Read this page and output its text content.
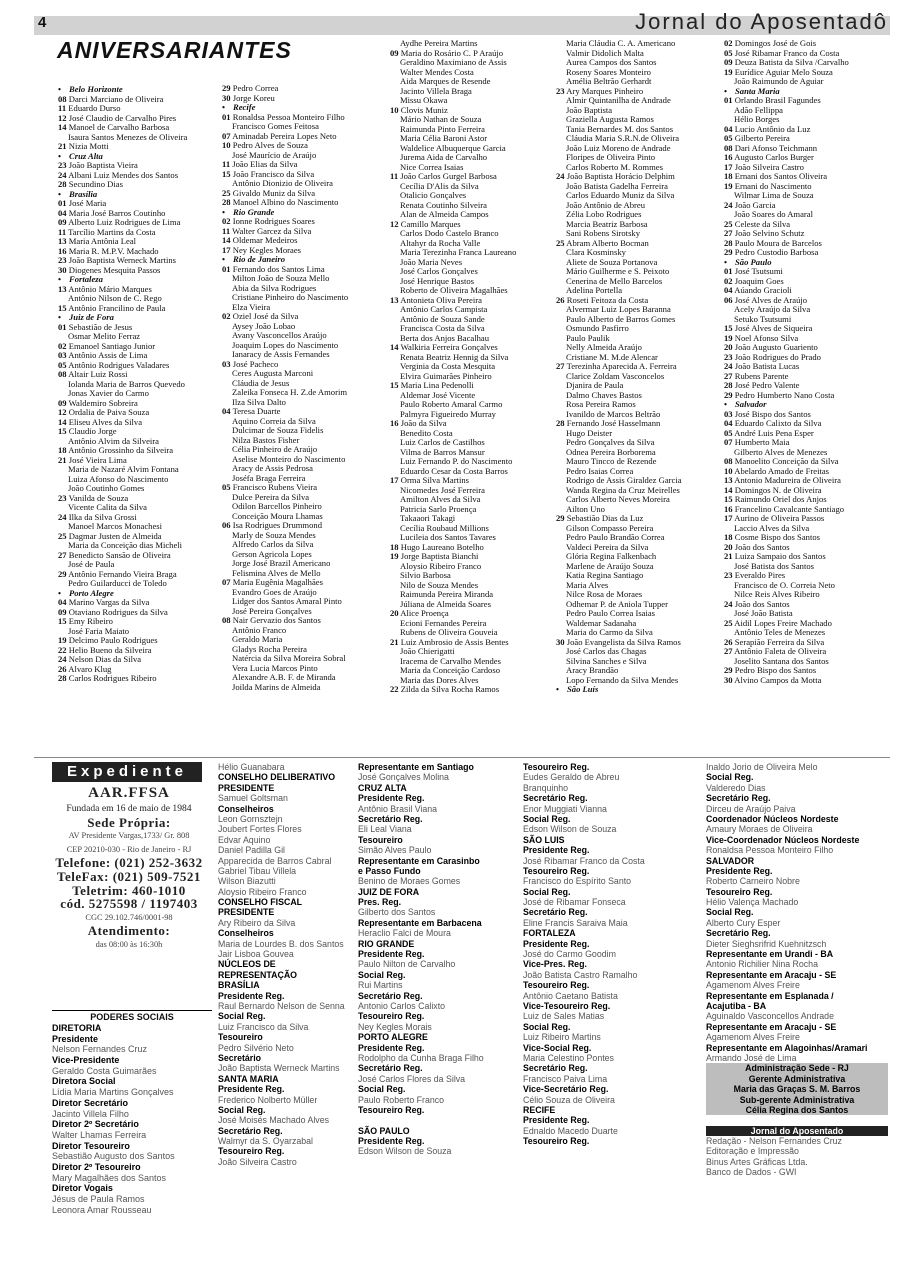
4	Jornal do Aposentadô
ANIVERSARIANTES
• Belo Horizonte
08 Darci Marciano de Oliveira
11 Eduardo Durso
12 José Claudio de Carvalho Pires
14 Manoel de Carvalho Barbosa
Isaura Santos Menezes de Oliveira
21 Nizia Motti
• Cruz Alta
23 João Baptista Vieira
24 Albani Luiz Mendes dos Santos
28 Secundino Dias
• Brasília
01 José Maria
04 Maria José Barros Coutinho
09 Alberto Luiz Rodrigues de Lima
11 Tarcílio Martins da Costa
13 Maria Antônia Leal
16 Maria R. M.P.V. Machado
23 João Baptista Werneck Martins
30 Diogenes Mesquita Passos
• Fortaleza
13 Antônio Mário Marques
Antônio Nilson de C. Rego
15 Antônio Francilino de Paula
• Juiz de Fora
01 Sebastião de Jesus
Osmar Melito Ferraz
02 Emanoel Santiago Junior
03 Antônio Assis de Lima
05 Antônio Rodrigues Valadares
08 Altair Luiz Rossi
Iolanda Maria de Barros Quevedo
Jonas Xavier do Carmo
09 Waldemiro Sobreira
12 Ordalia de Paiva Souza
14 Eliseu Alves da Silva
15 Claudio Jorge
Antônio Alvim da Silveira
18 Antônio Grossinho da Silveira
21 José Vieira Lima
Maria de Nazaré Alvim Fontana
Luiza Afonso do Nascimento
João Coutinho Gomes
23 Vanilda de Souza
Vicente Calita da Silva
24 Ilka da Silva Grossi
Manoel Marcos Monachesi
25 Dagmar Justen de Almeida
Maria da Conceição dias Micheli
27 Benedicto Sansão de Oliveira
José de Paula
29 Antônio Fernando Vieira Braga
Pedro Guilarducci de Toledo
• Porto Alegre
04 Marino Vargas da Silva
09 Otaviano Rodrigues da Silva
15 Emy Ribeiro
José Faria Maiato
19 Delcimo Paulo Rodrigues
22 Helio Bueno da Silveira
24 Nelson Dias da Silva
26 Alvaro Klug
28 Carlos Rodrigues Ribeiro
29 Pedro Correa
30 Jorge Koreu
• Recife
01 Ronaldsa Pessoa Monteiro Filho
Francisco Gomes Feitosa
07 Aminadab Pereira Lopes Neto
10 Pedro Alves de Souza
José Maurício de Araújo
11 João Elias da Silva
15 João Francisco da Silva
Antônio Dionizio de Oliveira
25 Givaldo Muniz da Silva
28 Manoel Albino do Nascimento
• Rio Grande
02 Ionne Rodrigues Soares
11 Walter Garcez da Silva
14 Oldemar Medeiros
17 Ney Kegles Moraes
• Rio de Janeiro
01 Fernando dos Santos Lima
Milton João de Souza Mello
Abia da Silva Rodrigues
Cristiane Pinheiro do Nascimento
Elza Vieira
02 Oziel José da Silva
Aysey João Lobao
Avany Vasconcellos Araújo
Joaquim Lopes do Nascimento
Ianaracy de Assis Fernandes
03 José Pacheco
Ceres Augusta Marconi
Cláudia de Jesus
Zaleika Fonseca H. Z.de Amorim
Ilza Silva Dalto
04 Teresa Duarte
Aquino Correia da Silva
Dulcimar de Souza Fidelis
Nilza Bastos Fisher
Célia Pinheiro de Araújo
Aselise Monteiro do Nascimento
Aracy de Assis Pedrosa
Joséfa Braga Ferreira
05 Francisco Rubens Vieira
Dulce Pereira da Silva
Odilon Barcellos Pinheiro
Conceição Moura Lhamas
06 Isa Rodrigues Drummond
Marly de Souza Mendes
Alfredo Carlos da Silva
Gerson Agricola Lopes
Jorge José Brazil Americano
Felismina Alves de Mello
07 Maria Eugênia Magalhães
Evandro Goes de Araújo
Lidger dos Santos Amaral Pinto
José Pereira Gonçalves
08 Nair Gervazio dos Santos
Antônio Franco
Geraldo Maria
Gladys Rocha Pereira
Natércia da Silva Moreira Sobral
Vera Lucia Marcos Pinto
Alexandre A.B. F. de Miranda
Joilda Marins de Almeida
Aydhe Pereira Martins
09 Maria do Rosário C. P Araújo
Geraldino Maximiano de Assis
Walter Mendes Costa
Aida Marques de Resende
Jacinto Villela Braga
Missu Okawa
10 Clovis Muniz
Mário Nathan de Souza
Raimunda Pinto Ferreira
Maria Célia Baroni Astor
Waldelice Albuquerque Garcia
Jurema Aida de Carvalho
Nice Correa Isaias
11 João Carlos Gurgel Barbosa
Cecília D'Alis da Silva
Otalicio Gonçalves
Renata Coutinho Silveira
Alan de Almeida Campos
12 Camillo Marques
Carlos Dodo Castelo Branco
Altahyr da Rocha Valle
Maria Terezinha Franca Laureano
João Maria Neves
José Carlos Gonçalves
José Henrique Bastos
Roberto de Oliveira Magalhães
13 Antonieta Oliva Pereira
Antônio Carlos Campista
Antônio de Souza Sande
Francisca Costa da Silva
Berta dos Anjos Bacalhau
14 Walkiria Ferreira Gonçalves
Renata Beatriz Hennig da Silva
Verginia da Costa Mesquita
Elvira Guimarães Pinheiro
15 Maria Lina Pedenolli
Aldemar José Vicente
Paulo Roberto Amaral Carmo
Palmyra Figueiredo Murray
16 João da Silva
Benedito Costa
Luiz Carlos de Castilhos
Vilma de Barros Mansur
Luiz Fernando P. do Nascimento
Eduardo Cesar da Costa Barros
17 Orma Silva Martins
Nicomedes José Ferreira
Amilton Alves da Silva
Patricia Sarlo Proença
Takaaori Takagi
Cecília Roubaud Millions
Lucileia dos Santos Tavares
18 Hugo Laureano Botelho
19 Jorge Baptista Bianchi
Aloysio Ribeiro Franco
Silvio Barbosa
Nilo de Souza Mendes
Raimunda Pereira Miranda
Júliana de Almeida Soares
20 Alice Proença
Ecioni Fernandes Pereira
Rubens de Oliveira Gouveia
21 Luiz Ambrosio de Assis Bentes
João Chierigatti
Iracema de Carvalho Mendes
Maria da Conceição Cardoso
Maria das Dores Alves
22 Zilda da Silva Rocha Ramos
Maria Cláudia C. A. Americano
Valmir Didolich Malta
Aurea Campos dos Santos
Roseny Soares Monteiro
Amélia Beltrão Gerhardt
23 Ary Marques Pinheiro
Almir Quintanilha de Andrade
João Baptista
Graziella Augusta Ramos
Tania Bernardes M. dos Santos
Cláudia Maria S.R.N.de Oliveira
João Luiz Moreno de Andrade
Floripes de Oliveira Pinto
Carlos Roberto M. Rommes
24 João Baptista Horácio Delphim
João Batista Gadelha Ferreira
Carlos Eduardo Muniz da Silva
João Antônio de Abreu
Zélia Lobo Rodrigues
Marcia Beatriz Barbosa
Sani Robens Sirotsky
25 Abram Alberto Bocman
Clara Kosminsky
Aliete de Souza Portanova
Mário Guilherme e S. Peixoto
Cenerina de Mello Barcelos
Adelina Portella
26 Roseti Feitoza da Costa
Alvermar Luiz Lopes Baranna
Paulo Alberto de Barros Gomes
Osmundo Pasfirro
Paulo Paulik
Nelly Almeida Araújo
Cristiane M. M.de Alencar
27 Terezinha Aparecida A. Ferreira
Clarice Zoldam Vasconcelos
Djanira de Paula
Dalmo Chaves Bastos
Rosa Pereira Ramos
Ivanildo de Marcos Beltrão
28 Fernando José Hasselmann
Hugo Deister
Pedro Gonçalves da Silva
Odnea Pereira Borborema
Mauro Tincco de Rezende
Pedro Isaias Correa
Rodrigo de Assis Giraldez Garcia
Wanda Regina da Cruz Meirelles
Carlos Alberto Neves Moreira
Ailton Uno
29 Sebastião Dias da Luz
Gilson Compasso Pereira
Pedro Paulo Brandão Correa
Valdeci Pereira da Silva
Glória Regina Falkenbach
Marlene de Araújo Souza
Katia Regina Santiago
Maria Alves
Nilce Rosa de Moraes
Odhemar P. de Aniola Tupper
Pedro Paulo Correa Isaias
Waldemar Sadanaha
Maria do Carmo da Silva
30 João Evangelista da Silva Ramos
José Carlos das Chagas
Silvina Sanches e Silva
Aracy Brandão
Lopo Fernando da Silva Mendes
• São Luís
02 Domingos José de Gois
05 José Ribamar Franco da Costa
09 Deuza Batista da Silva /Carvalho
19 Eurídice Aguiar Melo Souza
João Raimundo de Aguiar
• Santa Maria
01 Orlando Brasil Fagundes
Adão Fellippa
Hélio Borges
04 Lucio Antônio da Luz
05 Gilberto Pereira
08 Dari Afonso Teichmann
16 Augusto Carlos Burger
17 João Silveira Castro
18 Ernani dos Santos Oliveira
19 Ernani do Nascimento
Wilmar Lima de Souza
24 João Garcia
João Soares do Amaral
25 Celeste da Silva
27 João Selvino Schutz
28 Paulo Moura de Barcelos
29 Pedro Custodio Barbosa
• São Paulo
01 José Tsutsumi
02 Joaquim Goes
04 Aúando Gracioli
06 José Alves de Araújo
Acely Araújo da Silva
Setuko Tsutsumi
15 José Alves de Siqueira
19 Noel Afonso Silva
20 João Augusto Guariento
23 João Rodrigues do Prado
24 João Batista Lucas
27 Rubens Parente
28 José Pedro Valente
29 Pedro Humberto Nano Costa
• Salvador
03 José Bispo dos Santos
04 Eduardo Calixto da Silva
05 André Luis Pena Esper
07 Humberto Maia
Gilberto Alves de Menezes
08 Manoelito Conceição da Silva
10 Abelardo Amado de Freitas
13 Antonio Madureira de Oliveira
14 Domingos N. de Oliveira
15 Raimundo Oriel dos Anjos
16 Francelino Cavalcante Santiago
17 Aurino de Oliveira Passos
Laccio Alves da Silva
18 Cosme Bispo dos Santos
20 João dos Santos
21 Luiza Sampaio dos Santos
José Batista dos Santos
23 Everaldo Pires
Francisco de O. Correia Neto
Nilce Reis Alves Ribeiro
24 João dos Santos
José João Batista
25 Aidil Lopes Freire Machado
Antônio Teles de Menezes
26 Serapião Ferreira da Silva
27 Antônio Faleta de Oliveira
Joselito Santana dos Santos
29 Pedro Bispo dos Santos
30 Alvino Campos da Motta
Expediente
AAR.FFSA
Fundada em 16 de maio de 1984
Sede Própria:
AV Presidente Vargas,1733/ Gr. 808
CEP 20210-030 - Rio de Janeiro - RJ
Telefone: (021) 252-3632
TeleFax: (021) 509-7521
Teletrim: 460-1010
cód. 5275598 / 1197403
CGC 29.102.746/0001-98
Atendimento:
das 08:00 às 16:30h
PODERES SOCIAIS
DIRETORIA
Presidente
Nelson Fernandes Cruz
Vice-Presidente
Geraldo Costa Guimarães
Diretora Social
Lídia Maria Martins Gonçalves
Diretor Secretário
Jacinto Villela Filho
Diretor 2º Secretário
Walter Lhamas Ferreira
Diretor Tesoureiro
Sebastião Augusto dos Santos
Diretor 2º Tesoureiro
Mary Magalhães dos Santos
Diretor Vogais
Jésus de Paula Ramos
Leonora Amar Rousseau
Hélio Guanabara
CONSELHO DELIBERATIVO
PRESIDENTE
Samuel Goltsman
Conselheiros
Leon Gornsztejn
Joubert Fortes Flores
Edvar Aquino
Daniel Padilla Gil
Apparecida de Barros Cabral
Gabriel Tibau Villela
Wilson Biazutti
Aloysio Ribeiro Franco
CONSELHO FISCAL
PRESIDENTE
Ary Ribeiro da Silva
Conselheiros
Maria de Lourdes B. dos Santos
Jair Lisboa Gouvea
NÚCLEOS DE
REPRESENTAÇÃO
BRASÍLIA
Presidente Reg.
Raul Bernardo Nelson de Senna
Social Reg.
Luiz Francisco da Silva
Tesoureiro
Pedro Silvério Neto
Secretário
João Baptista Werneck Martins
SANTA MARIA
Presidente Reg.
Frederico Nolberto Müller
Social Reg.
José Moisés Machado Alves
Secretário Reg.
Walmyr da S. Oyarzabal
Tesoureiro Reg.
João Silveira Castro
Representante em Santiago
José Gonçalves Molina
CRUZ ALTA
Presidente Reg.
Antônio Brasil Viana
Secretário Reg.
Eli Leal Viana
Tesoureiro
Simão Alves Paulo
Representante em Carasinbo
e Passo Fundo
Benino de Moraes Gomes
JUIZ DE FORA
Pres. Reg.
Gilberto dos Santos
Representante em Barbacena
Heraclio Falci de Moura
RIO GRANDE
Presidente Reg.
Paulo Nilton de Carvalho
Social Reg.
Rui Martins
Secretário Reg.
Antonio Carlos Calixto
Tesoureiro Reg.
Ney Kegles Morais
PORTO ALEGRE
Presidente Reg.
Rodolpho da Cunha Braga Filho
Secretário Reg.
José Carlos Flores da Silva
Social Reg.
Paulo Roberto Franco
Tesoureiro Reg.
SÃO PAULO
Presidente Reg.
Edson Wilson de Souza
Tesoureiro Reg.
Eudes Geraldo de Abreu
Branquinho
Secretário Reg.
Enor Muggiati Vianna
Social Reg.
Edson Wilson de Souza
SÃO LUIS
Presidente Reg.
José Ribamar Franco da Costa
Tesoureiro Reg.
Francisco do Espírito Santo
Social Reg.
José de Ribamar Fonseca
Secretário Reg.
Eline Francis Saraiva Maia
FORTALEZA
Presidente Reg.
José do Carmo Goodim
Vice-Pres. Reg.
João Batista Castro Ramalho
Tesoureiro Reg.
Antônio Caetano Batista
Vice-Tesoureiro Reg.
Luiz de Sales Matias
Social Reg.
Luiz Ribeiro Martins
Vice-Social Reg.
Maria Celestino Pontes
Secretário Reg.
Francisco Paiva Lima
Vice-Secretário Reg.
Célio Souza de Oliveira
RECIFE
Presidente Reg.
Ednaldo Macedo Duarte
Tesoureiro Reg.
Inaldo Jorio de Oliveira Melo
Social Reg.
Valderedo Dias
Secretário Reg.
Dirceu de Araújo Paiva
Coordenador Núcleos Nordeste
Amaury Moraes de Oliveira
Vice-Coordenador Núcleos Nordeste
Ronaldsa Pessoa Monteiro Filho
SALVADOR
Presidente Reg.
Roberto Carneiro Nobre
Tesoureiro Reg.
Hélio Valença Machado
Social Reg.
Alberto Cury Esper
Secretário Reg.
Dieter Sieghsrifrid Kuehnitzsch
Representante em Urandi - BA
Antonio Richilier Nina Rocha
Representante em Aracaju - SE
Agamenom Alves Freire
Representante em Esplanada /
Acajutiba - BA
Aguinaldo Vasconcellos Andrade
Representante em Aracaju - SE
Agamenom Alves Freire
Representante em Alagoinhas/Aramari
Armando José de Lima
Administração Sede - RJ
Gerente Administrativa
Maria das Graças S. M. Barros
Sub-gerente Administrativa
Célia Regina dos Santos
Jornal do Aposentado
Redação - Nelson Fernandes Cruz
Editoração e Impressão
Binus Artes Gráficas Ltda.
Banco de Dados - GWI
